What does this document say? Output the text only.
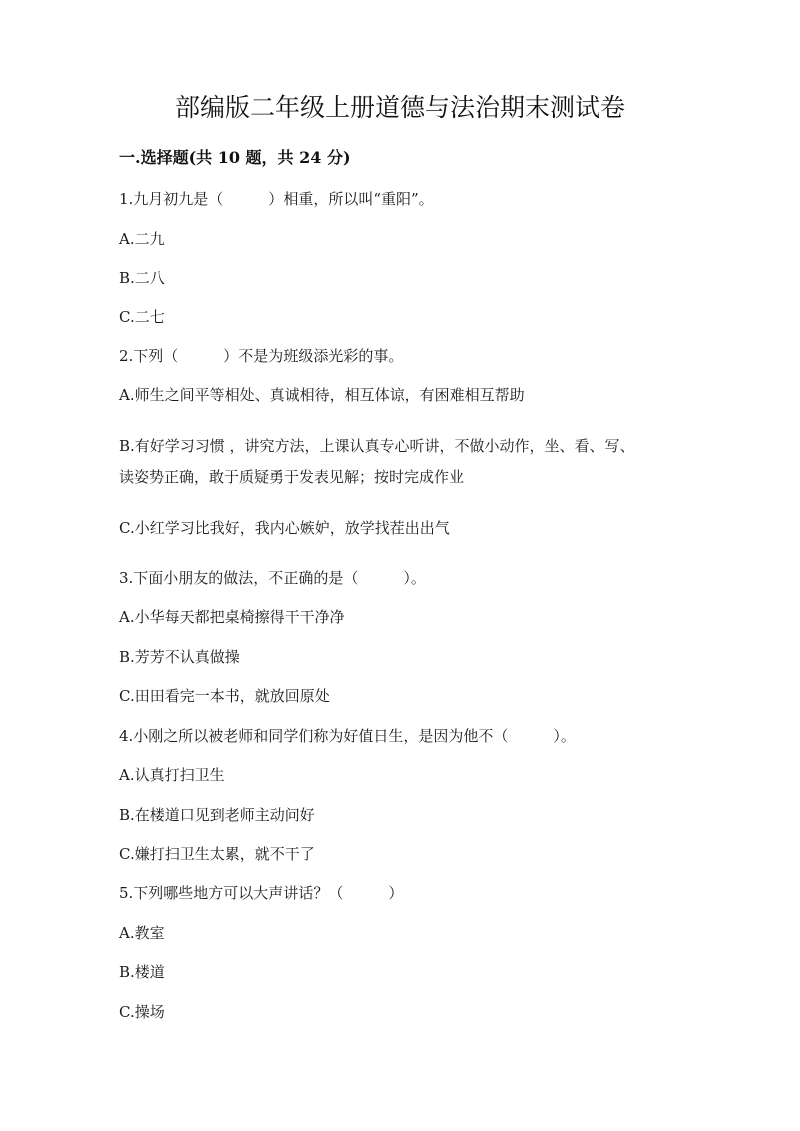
部编版二年级上册道德与法治期末测试卷
一.选择题(共 10 题，共 24 分)
1.九月初九是（　　　）相重，所以叫“重阳”。
A.二九
B.二八
C.二七
2.下列（　　　）不是为班级添光彩的事。
A.师生之间平等相处、真诚相待，相互体谅，有困难相互帮助
B.有好学习习惯 ，讲究方法，上课认真专心听讲，不做小动作，坐、看、写、
读姿势正确，敢于质疑勇于发表见解；按时完成作业
C.小红学习比我好，我内心嫉妒，放学找茬出出气
3.下面小朋友的做法，不正确的是（　　　）。
A.小华每天都把桌椅擦得干干净净
B.芳芳不认真做操
C.田田看完一本书，就放回原处
4.小刚之所以被老师和同学们称为好值日生，是因为他不（　　　）。
A.认真打扫卫生
B.在楼道口见到老师主动问好
C.嫌打扫卫生太累，就不干了
5.下列哪些地方可以大声讲话？（　　　）
A.教室
B.楼道
C.操场
